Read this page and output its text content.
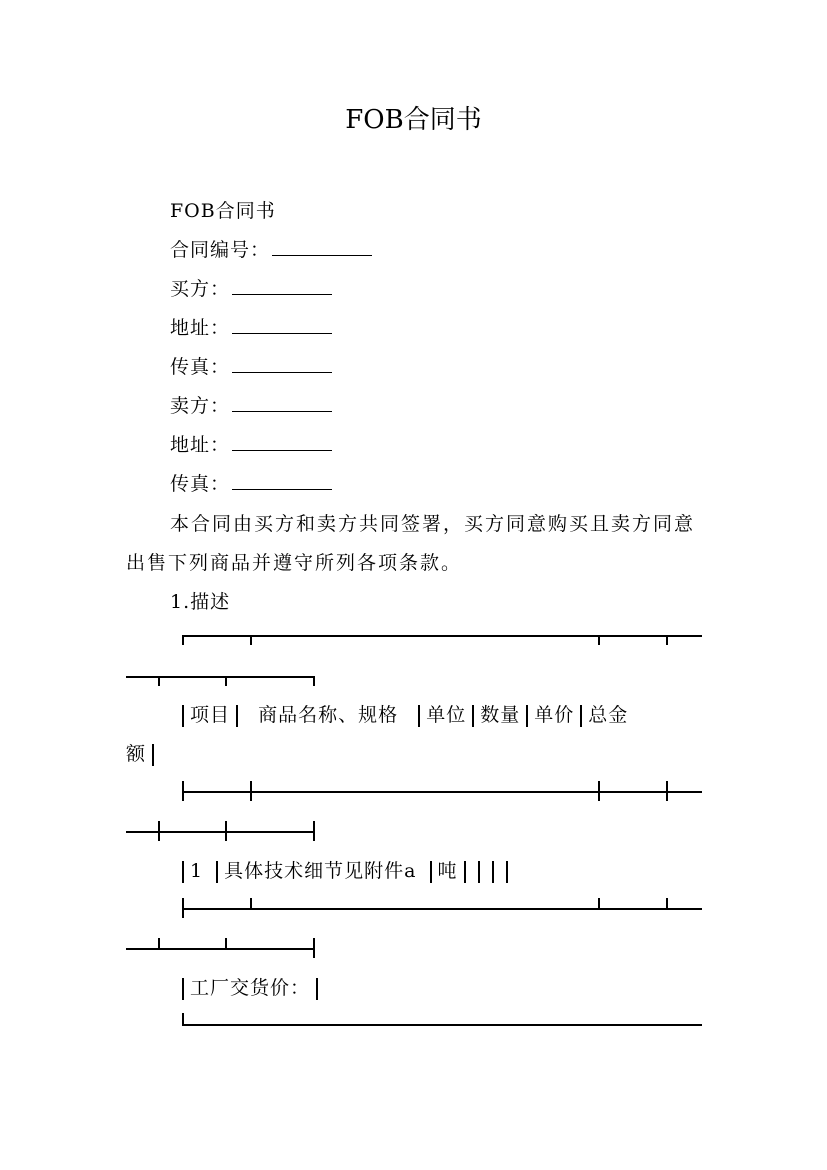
FOB合同书
FOB合同书
合同编号：
买方：
地址：
传真：
卖方：
地址：
传真：
本合同由买方和卖方共同签署，买方同意购买且卖方同意出售下列商品并遵守所列各项条款。
1.描述
项目 商品名称、规格 单位 数量 单价 总金
额
1 具体技术细节见附件a 吨
工厂交货价：
